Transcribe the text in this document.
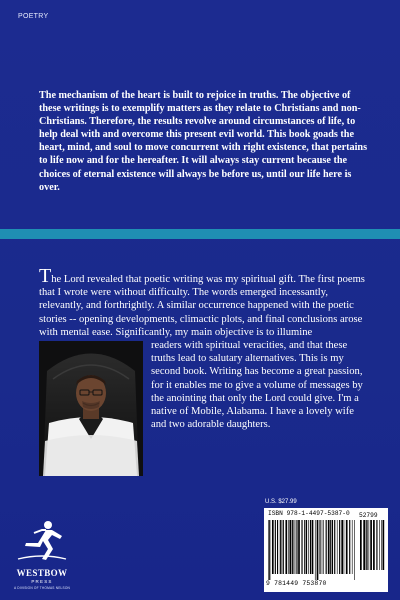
POETRY
The mechanism of the heart is built to rejoice in truths. The objective of these writings is to exemplify matters as they relate to Christians and non-Christians. Therefore, the results revolve around circumstances of life, to help deal with and overcome this present evil world. This book goads the heart, mind, and soul to move concurrent with right existence, that pertains to life now and for the hereafter. It will always stay current because the choices of eternal existence will always be before us, until our life here is over.

The Lord revealed that poetic writing was my spiritual gift. The first poems that I wrote were without difficulty. The words emerged incessantly, relevantly, and forthrightly. A similar occurrence happened with the poetic stories -- opening developments, climactic plots, and final conclusions arose with mental ease. Significantly, my main objective is to illumine

readers with spiritual veracities, and that these truths lead to salutary alternatives. This is my second book. Writing has become a great passion, for it enables me to give a volume of messages by the anointing that only the Lord could give. I'm a native of Mobile, Alabama. I have a lovely wife and two adorable daughters.

WESTBOW
PRESS
A DIVISION OF THOMAS NELSON
U.S. $27.99
ISBN 978-1-4497-5387-0 52799
9 781449 753870
